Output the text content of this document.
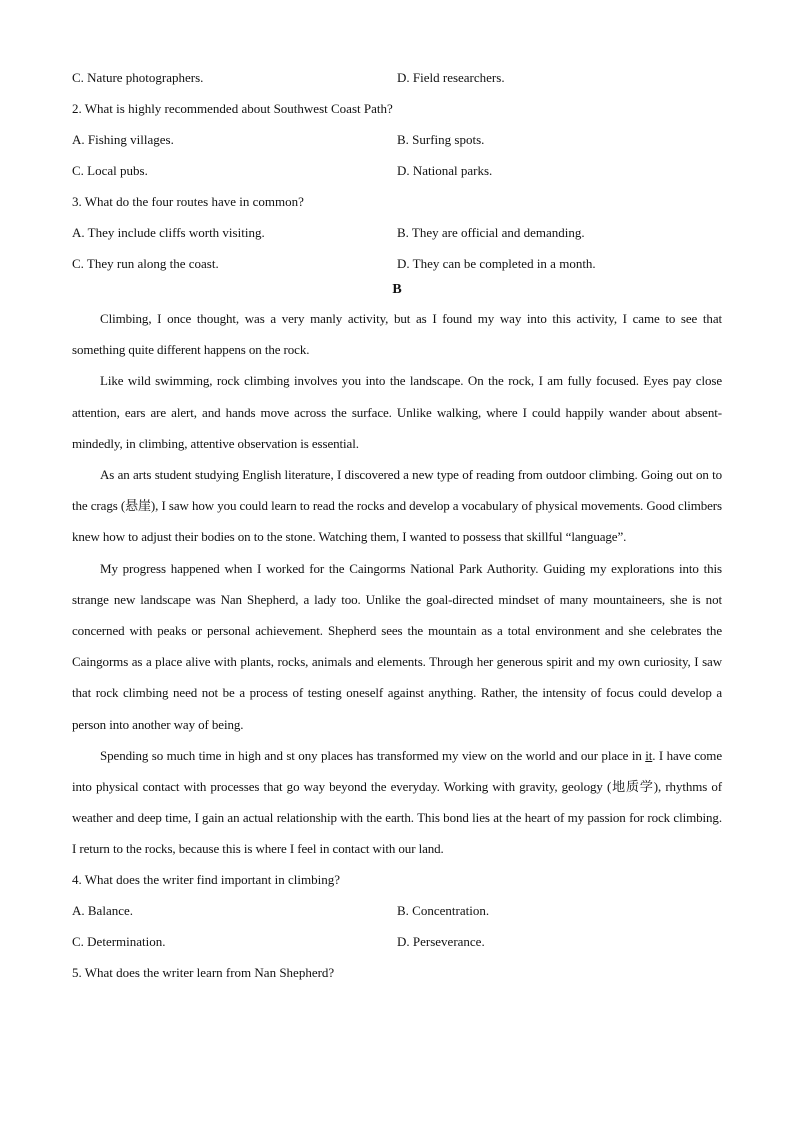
C. Nature photographers.	D. Field researchers.
2. What is highly recommended about Southwest Coast Path?
A. Fishing villages.	B. Surfing spots.
C. Local pubs.	D. National parks.
3. What do the four routes have in common?
A. They include cliffs worth visiting.	B. They are official and demanding.
C. They run along the coast.	D. They can be completed in a month.
B

Climbing, I once thought, was a very manly activity, but as I found my way into this activity, I came to see that something quite different happens on the rock.

Like wild swimming, rock climbing involves you into the landscape. On the rock, I am fully focused. Eyes pay close attention, ears are alert, and hands move across the surface. Unlike walking, where I could happily wander about absent-mindedly, in climbing, attentive observation is essential.

As an arts student studying English literature, I discovered a new type of reading from outdoor climbing. Going out on to the crags (悬崖), I saw how you could learn to read the rocks and develop a vocabulary of physical movements. Good climbers knew how to adjust their bodies on to the stone. Watching them, I wanted to possess that skillful “language”.

My progress happened when I worked for the Caingorms National Park Authority. Guiding my explorations into this strange new landscape was Nan Shepherd, a lady too. Unlike the goal-directed mindset of many mountaineers, she is not concerned with peaks or personal achievement. Shepherd sees the mountain as a total environment and she celebrates the Caingorms as a place alive with plants, rocks, animals and elements. Through her generous spirit and my own curiosity, I saw that rock climbing need not be a process of testing oneself against anything. Rather, the intensity of focus could develop a person into another way of being.

Spending so much time in high and st ony places has transformed my view on the world and our place in it. I have come into physical contact with processes that go way beyond the everyday. Working with gravity, geology (地质学), rhythms of weather and deep time, I gain an actual relationship with the earth. This bond lies at the heart of my passion for rock climbing. I return to the rocks, because this is where I feel in contact with our land.

4. What does the writer find important in climbing?
A. Balance.	B. Concentration.
C. Determination.	D. Perseverance.
5. What does the writer learn from Nan Shepherd?
